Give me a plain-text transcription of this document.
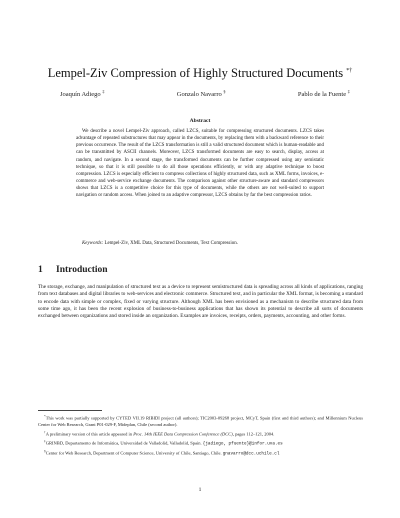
Lempel-Ziv Compression of Highly Structured Documents *†
Joaquín Adiego ‡	Gonzalo Navarro §	Pablo de la Fuente ‡
Abstract

We describe a novel Lempel-Ziv approach, called LZCS, suitable for compressing structured documents. LZCS takes advantage of repeated substructures that may appear in the documents, by replacing them with a backward reference to their previous occurrence. The result of the LZCS transformation is still a valid structured document which is human-readable and can be transmitted by ASCII channels. Moreover, LZCS transformed documents are easy to search, display, access at random, and navigate. In a second stage, the transformed documents can be further compressed using any semistatic technique, so that it is still possible to do all those operations efficiently, or with any adaptive technique to boost compression. LZCS is especially efficient to compress collections of highly structured data, such as XML forms, invoices, e-commerce and web-service exchange documents. The comparison against other structure-aware and standard compressors shows that LZCS is a competitive choice for this type of documents, while the others are not well-suited to support navigation or random access. When joined to an adaptive compressor, LZCS obtains by far the best compression ratios.

Keywords: Lempel-Ziv, XML Data, Structured Documents, Text Compression.
1 Introduction

The storage, exchange, and manipulation of structured text as a device to represent semistructured data is spreading across all kinds of applications, ranging from text databases and digital libraries to web-services and electronic commerce. Structured text, and in particular the XML format, is becoming a standard to encode data with simple or complex, fixed or varying structure. Although XML has been envisioned as a mechanism to describe structured data from some time ago, it has been the recent explosion of business-to-business applications that has shown its potential to describe all sorts of documents exchanged between organizations and stored inside an organization. Examples are invoices, receipts, orders, payments, accounting, and other forms.

*This work was partially supported by CYTED VII.19 RIBIDI project (all authors); TIC2003-09268 project, MCyT, Spain (first and third authors); and Millennium Nucleus Center for Web Research, Grant P01-029-F, Mideplan, Chile (second author).

†A preliminary version of this article appeared in Proc. 14th IEEE Data Compression Conference (DCC), pages 112–121, 2004.

‡GRINBD, Departamento de Informática, Universidad de Valladolid, Valladolid, Spain. {jadiego, pfuente}@infor.uva.es

§Center for Web Research, Department of Computer Science, University of Chile, Santiago, Chile. gnavarro@dcc.uchile.cl

1
